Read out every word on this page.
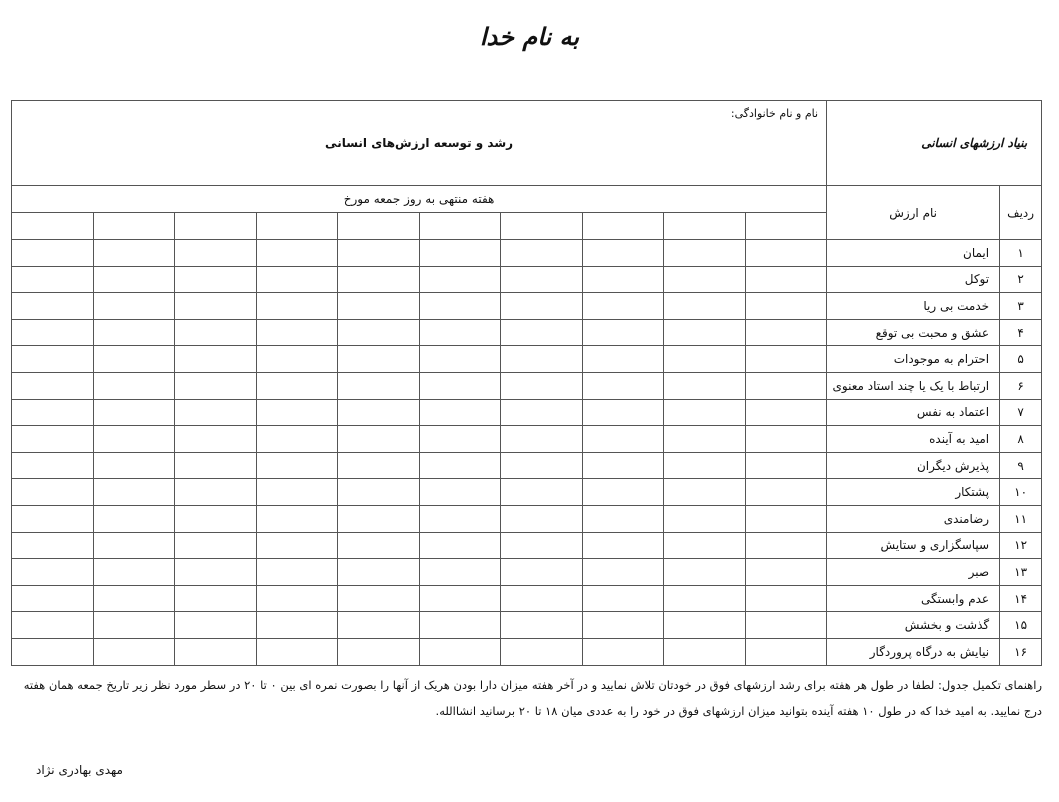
به نام خدا
بنیاد ارزشهای انسانی		رشد و توسعه ارزش‌های انسانی
نام و نام خانوادگی:									

ردیف	نام ارزش	هفته منتهی به روز جمعه مورخ									

۱	ایمان										
۲	توکل										
۳	خدمت بی ریا										
۴	عشق و محبت بی توقع										
۵	احترام به موجودات										
۶	ارتباط با یک یا چند استاد معنوی										
۷	اعتماد به نفس										
۸	امید به آینده										
۹	پذیرش دیگران										
۱۰	پشتکار										
۱۱	رضامندی										
۱۲	سپاسگزاری و ستایش										
۱۳	صبر										
۱۴	عدم وابستگی										
۱۵	گذشت و بخشش										
۱۶	نیایش به درگاه پروردگار										
راهنمای تکمیل جدول: لطفا در طول هر هفته برای رشد ارزشهای فوق در خودتان تلاش نمایید و در آخر هفته میزان دارا بودن هریک از آنها را بصورت نمره ای بین ۰ تا ۲۰ در سطر مورد نظر زیر تاریخ جمعه همان هفته درج نمایید. به امید خدا که در طول ۱۰ هفته آینده بتوانید میزان ارزشهای فوق در خود را به عددی میان ۱۸ تا ۲۰ برسانید انشاالله.
مهدی بهادری نژاد
